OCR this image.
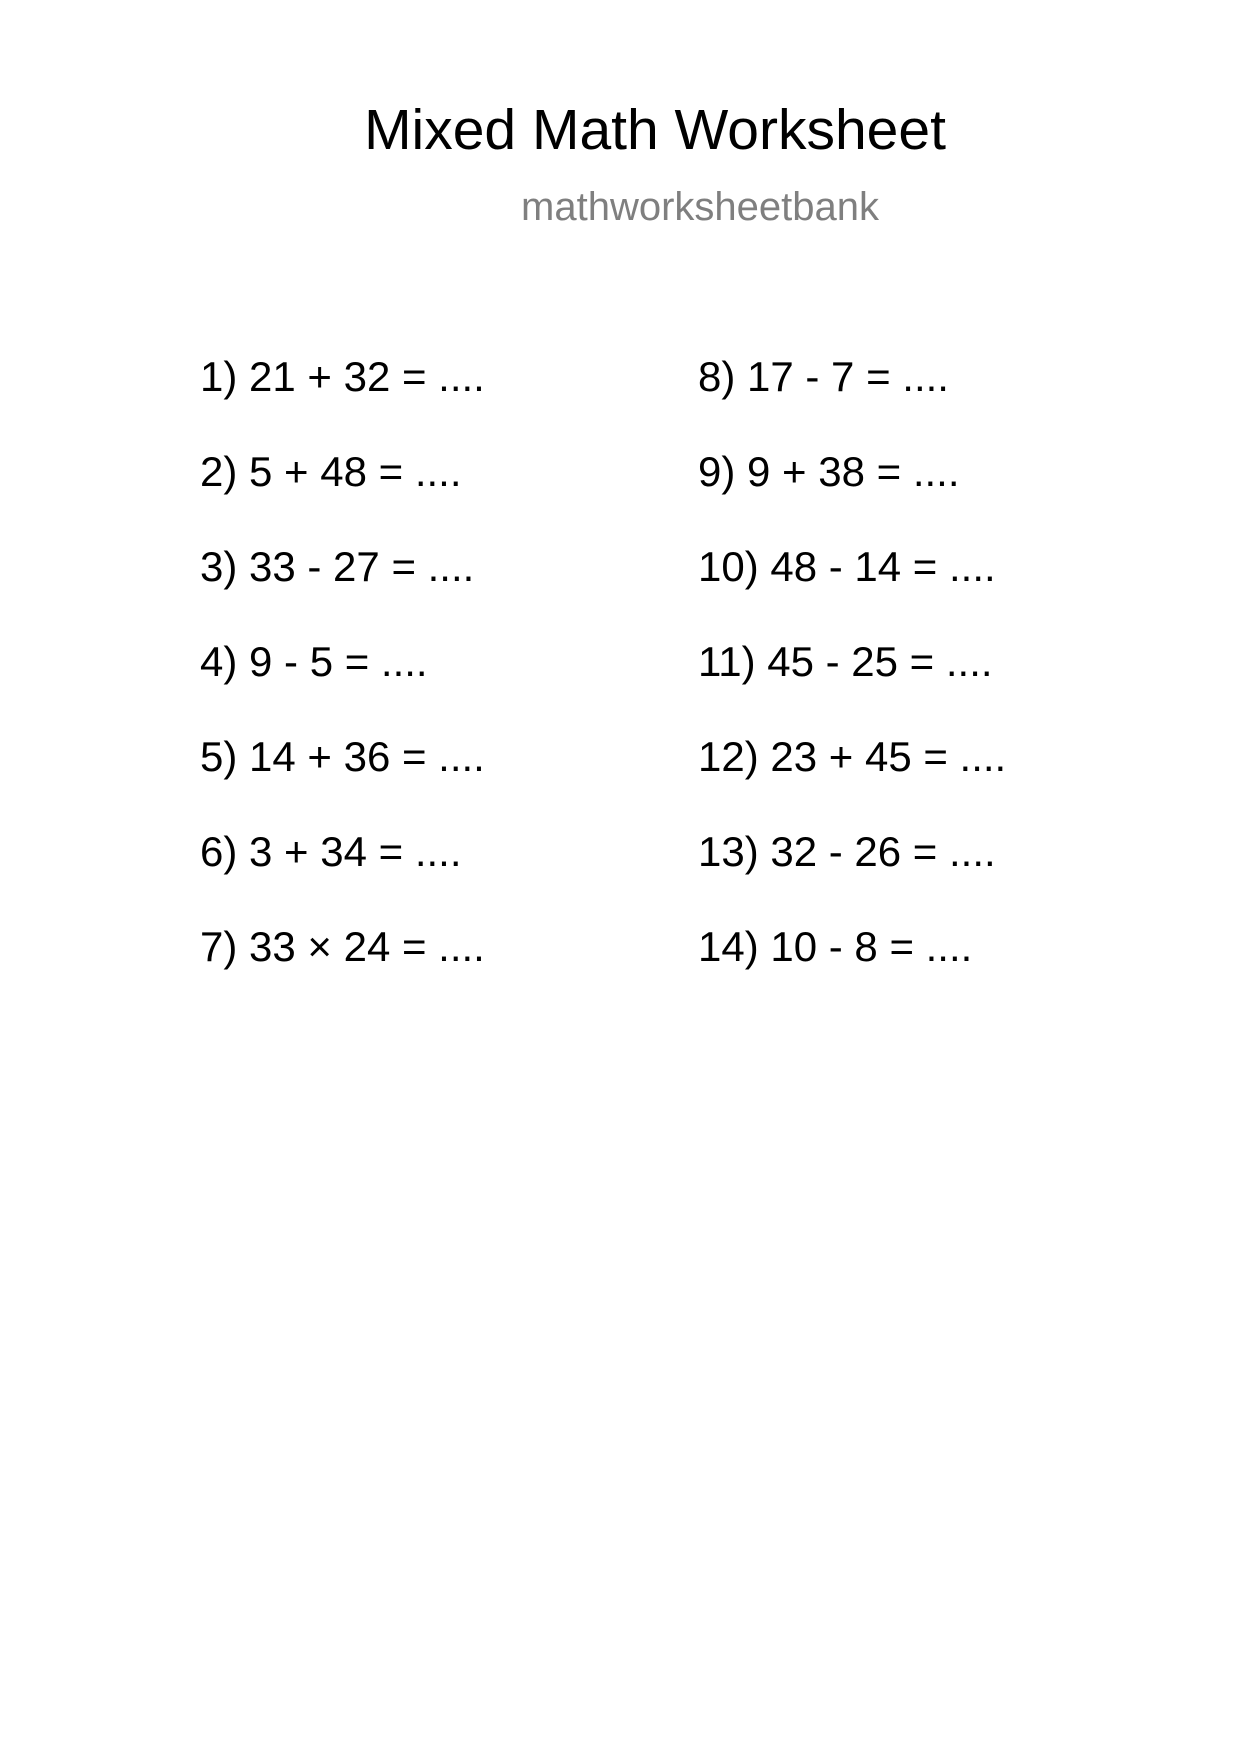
Mixed Math Worksheet
mathworksheetbank
1) 21 + 32 = ....
2) 5 + 48 = ....
3) 33 - 27 = ....
4) 9 - 5 = ....
5) 14 + 36 = ....
6) 3 + 34 = ....
7) 33 × 24 = ....
8) 17 - 7 = ....
9) 9 + 38 = ....
10) 48 - 14 = ....
11) 45 - 25 = ....
12) 23 + 45 = ....
13) 32 - 26 = ....
14) 10 - 8 = ....
